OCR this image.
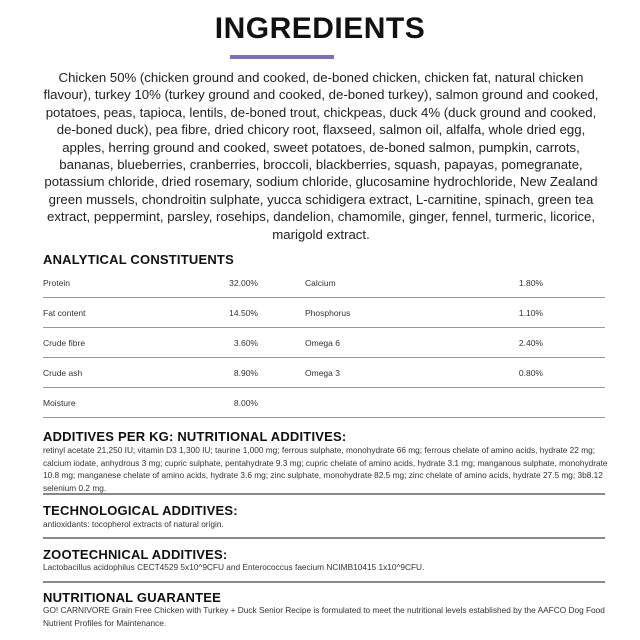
INGREDIENTS
Chicken 50% (chicken ground and cooked, de-boned chicken, chicken fat, natural chicken flavour), turkey 10% (turkey ground and cooked, de-boned turkey), salmon ground and cooked, potatoes, peas, tapioca, lentils, de-boned trout, chickpeas, duck 4% (duck ground and cooked, de-boned duck), pea fibre, dried chicory root, flaxseed, salmon oil, alfalfa, whole dried egg, apples, herring ground and cooked, sweet potatoes, de-boned salmon, pumpkin, carrots, bananas, blueberries, cranberries, broccoli, blackberries, squash, papayas, pomegranate, potassium chloride, dried rosemary, sodium chloride, glucosamine hydrochloride, New Zealand green mussels, chondroitin sulphate, yucca schidigera extract, L-carnitine, spinach, green tea extract, peppermint, parsley, rosehips, dandelion, chamomile, ginger, fennel, turmeric, licorice, marigold extract.
ANALYTICAL CONSTITUENTS
Protein	32.00%	Calcium	1.80%
Fat content	14.50%	Phosphorus	1.10%
Crude fibre	3.60%	Omega 6	2.40%
Crude ash	8.90%	Omega 3	0.80%
Moisture	8.00%
ADDITIVES PER KG: NUTRITIONAL ADDITIVES:
retinyl acetate 21,250 IU; vitamin D3 1,300 IU; taurine 1,000 mg; ferrous sulphate, monohydrate 66 mg; ferrous chelate of amino acids, hydrate 22 mg; calcium iodate, anhydrous 3 mg; cupric sulphate, pentahydrate 9.3 mg; cupric chelate of amino acids, hydrate 3.1 mg; manganous sulphate, monohydrate 10.8 mg; manganese chelate of amino acids, hydrate 3.6 mg; zinc sulphate, monohydrate 82.5 mg; zinc chelate of amino acids, hydrate 27.5 mg; 3b8.12 selenium 0.2 mg.
TECHNOLOGICAL ADDITIVES:
antioxidants: tocopherol extracts of natural origin.
ZOOTECHNICAL ADDITIVES:
Lactobacillus acidophilus CECT4529 5x10^9CFU and Enterococcus faecium NCIMB10415 1x10^9CFU.
NUTRITIONAL GUARANTEE
GO! CARNIVORE Grain Free Chicken with Turkey + Duck Senior Recipe is formulated to meet the nutritional levels established by the AAFCO Dog Food Nutrient Profiles for Maintenance.
